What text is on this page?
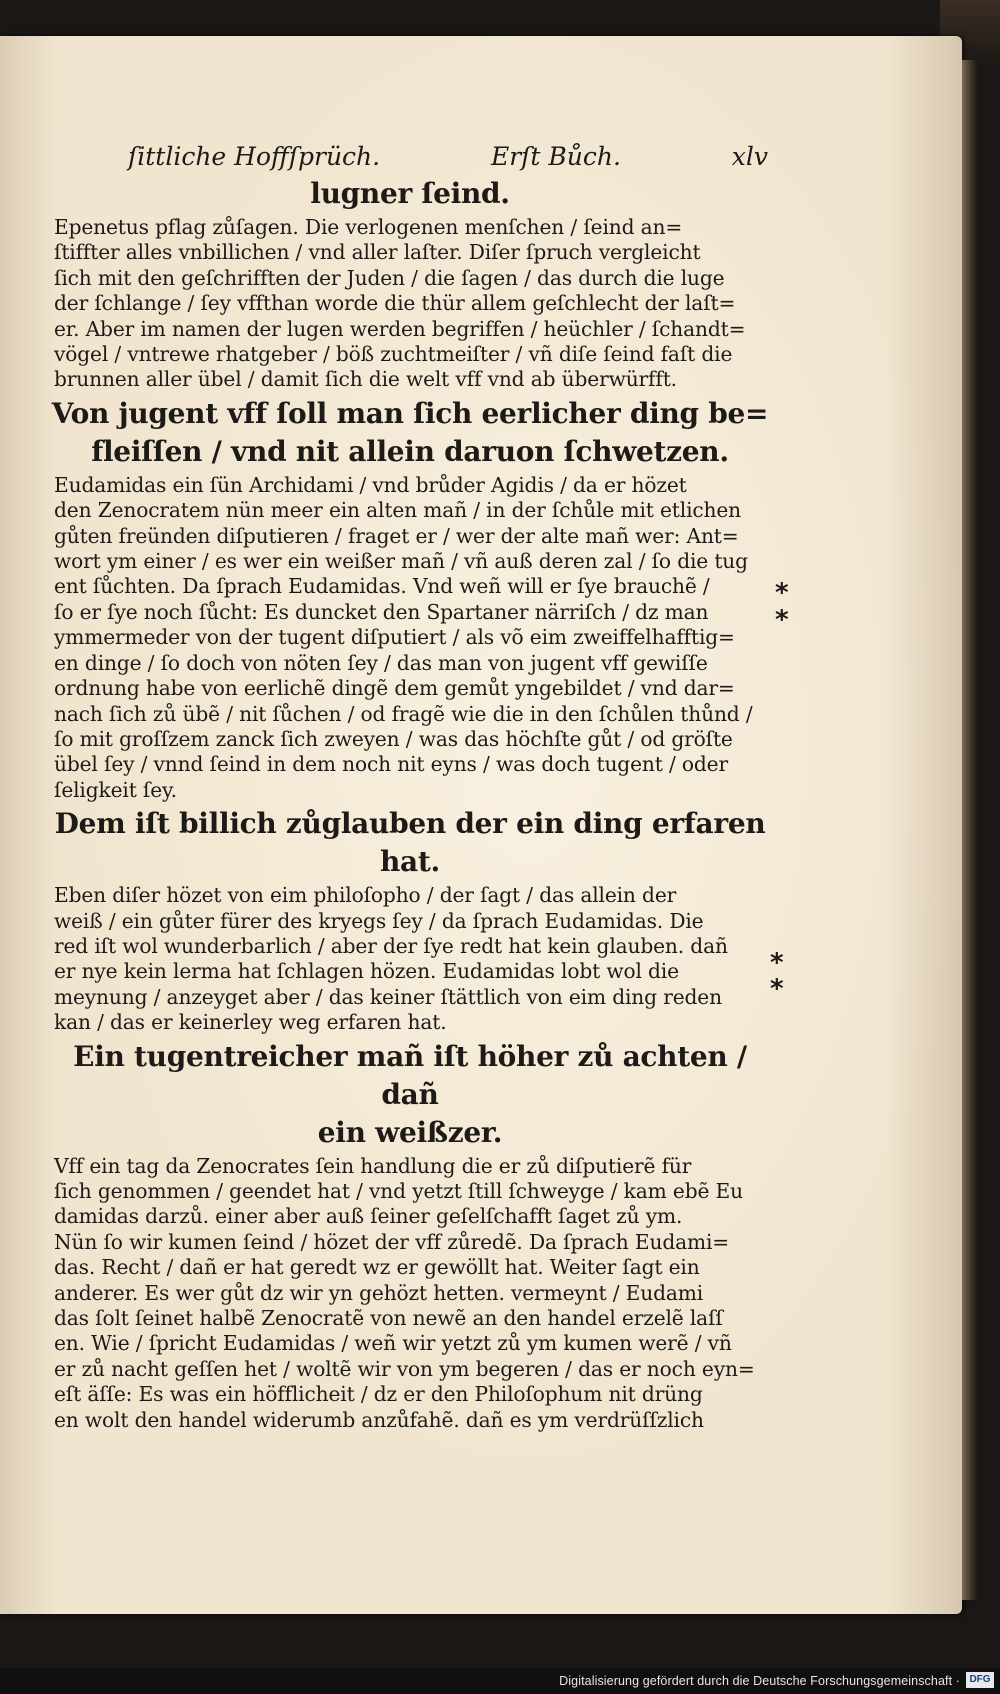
ſittliche Hoffſprüch.	Erſt Bůch.	xlv
lugner ſeind.

Epenetus pflag zůſagen. Die verlogenen menſchen / ſeind an=

ſtiffter alles vnbillichen / vnd aller laſter. Diſer ſpruch vergleicht

ſich mit den geſchrifften der Juden / die ſagen / das durch die luge

der ſchlange / ſey vffthan worde die thür allem geſchlecht der laſt=

er. Aber im namen der lugen werden begriffen / heüchler / ſchandt=

vögel / vntrewe rhatgeber / böß zuchtmeiſter / vñ diſe ſeind faſt die

brunnen aller übel / damit ſich die welt vff vnd ab überwürfft.

Von jugent vff ſoll man ſich eerlicher ding be=
fleiſſen / vnd nit allein daruon ſchwetzen.

Eudamidas ein ſün Archidami / vnd brůder Agidis / da er hözet

den Zenocratem nün meer ein alten mañ / in der ſchůle mit etlichen

gůten freünden diſputieren / fraget er / wer der alte mañ wer: Ant=

wort ym einer / es wer ein weißer mañ / vñ auß deren zal / ſo die tug

ent ſůchten. Da ſprach Eudamidas. Vnd weñ will er ſye brauchẽ /

ſo er ſye noch ſůcht: Es duncket den Spartaner närriſch / dz man

ymmermeder von der tugent diſputiert / als võ eim zweiffelhafftig=

en dinge / ſo doch von nöten ſey / das man von jugent vff gewiſſe

ordnung habe von eerlichẽ dingẽ dem gemůt yngebildet / vnd dar=

nach ſich zů übẽ / nit ſůchen / od fragẽ wie die in den ſchůlen thůnd /

ſo mit groſſzem zanck ſich zweyen / was das höchſte gůt / od gröſte

übel ſey / vnnd ſeind in dem noch nit eyns / was doch tugent / oder

ſeligkeit ſey.

Dem iſt billich zůglauben der ein ding erfaren hat.

Eben diſer hözet von eim philoſopho / der ſagt / das allein der

weiß / ein gůter fürer des kryegs ſey / da ſprach Eudamidas. Die

red iſt wol wunderbarlich / aber der ſye redt hat kein glauben. dañ

er nye kein lerma hat ſchlagen hözen. Eudamidas lobt wol die

meynung / anzeyget aber / das keiner ſtättlich von eim ding reden

kan / das er keinerley weg erfaren hat.

Ein tugentreicher mañ iſt höher zů achten / dañ
ein weißzer.

Vff ein tag da Zenocrates ſein handlung die er zů diſputierẽ für

ſich genommen / geendet hat / vnd yetzt ſtill ſchweyge / kam ebẽ Eu

damidas darzů. einer aber auß ſeiner geſelſchafft ſaget zů ym.

Nün ſo wir kumen ſeind / hözet der vff zůredẽ. Da ſprach Eudami=

das. Recht / dañ er hat geredt wz er gewöllt hat. Weiter ſagt ein

anderer. Es wer gůt dz wir yn gehözt hetten. vermeynt / Eudami

das ſolt ſeinet halbẽ Zenocratẽ von newẽ an den handel erzelẽ laſſ

en. Wie / ſpricht Eudamidas / weñ wir yetzt zů ym kumen werẽ / vñ

er zů nacht geſſen het / woltẽ wir von ym begeren / das er noch eyn=

eſt äſſe: Es was ein höfflicheit / dz er den Philoſophum nit drüng

en wolt den handel widerumb anzůfahẽ. dañ es ym verdrüſſzlich

*
*
*
*
Digitalisierung gefördert durch die Deutsche Forschungsgemeinschaft · DFG
